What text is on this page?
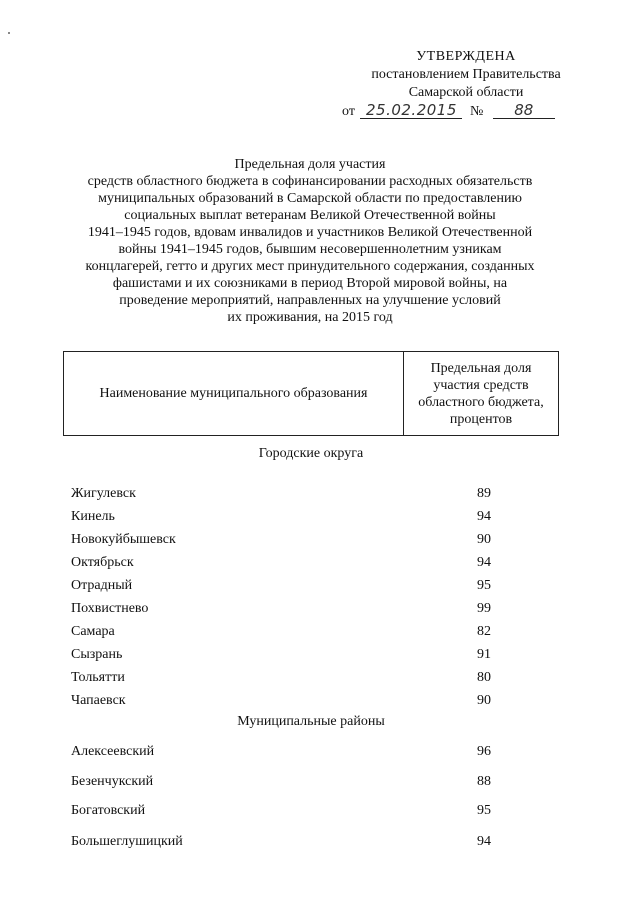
УТВЕРЖДЕНА
постановлением Правительства
Самарской области
от 25.02.2015 № 88
Предельная доля участия
средств областного бюджета в софинансировании расходных обязательств
муниципальных образований в Самарской области по предоставлению
социальных выплат ветеранам Великой Отечественной войны
1941–1945 годов, вдовам инвалидов и участников Великой Отечественной
войны 1941–1945 годов, бывшим несовершеннолетним узникам
концлагерей, гетто и других мест принудительного содержания, созданных
фашистами и их союзниками в период Второй мировой войны, на
проведение мероприятий, направленных на улучшение условий
их проживания, на 2015 год
Наименование муниципального образования
Предельная доля
участия средств
областного бюджета,
процентов
Городские округа
Жигулевск	89
Кинель	94
Новокуйбышевск	90
Октябрьск	94
Отрадный	95
Похвистнево	99
Самара	82
Сызрань	91
Тольятти	80
Чапаевск	90
Муниципальные районы
Алексеевский	96
Безенчукский	88
Богатовский	95
Большеглушицкий	94
